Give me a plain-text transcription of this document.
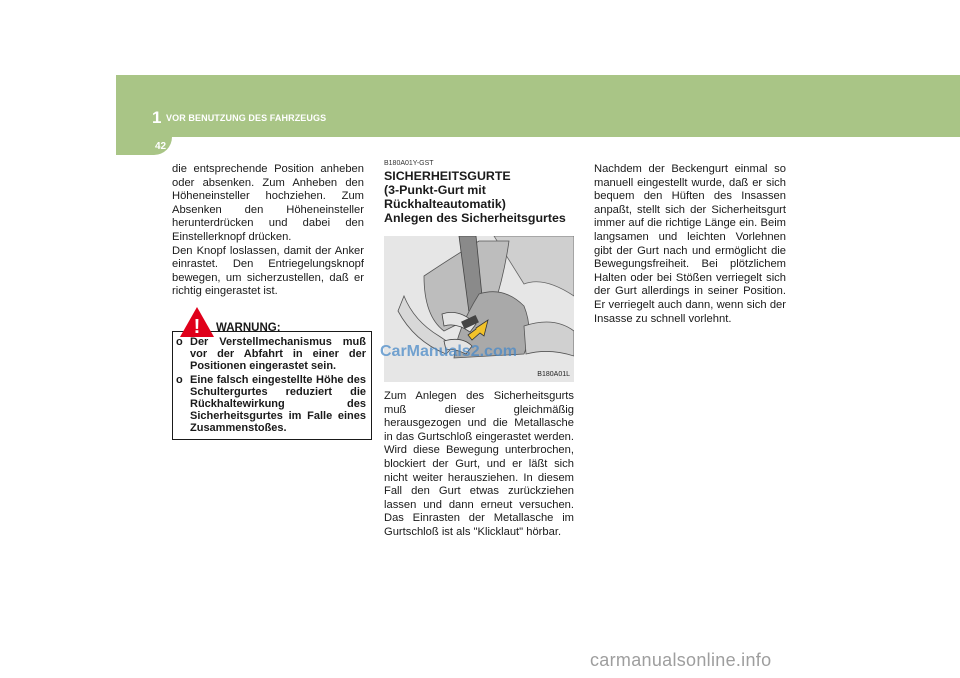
1 VOR BENUTZUNG DES FAHRZEUGS
42

die entsprechende Position anheben oder absenken. Zum Anheben den Höheneinsteller hochziehen. Zum Absenken den Höheneinsteller herunterdrücken und dabei den Einstellerknopf drücken.
Den Knopf loslassen, damit der Anker einrastet. Den Entriegelungsknopf bewegen, um sicherzustellen, daß er richtig eingerastet ist.

! WARNUNG:
o Der Verstellmechanismus muß vor der Abfahrt in einer der Positionen eingerastet sein.
o Eine falsch eingestellte Höhe des Schultergurtes reduziert die Rückhaltewirkung des Sicherheitsgurtes im Falle eines Zusammenstoßes.

B180A01Y-GST

SICHERHEITSGURTE
(3-Punkt-Gurt mit
Rückhalteautomatik)
Anlegen des Sicherheitsgurtes
B180A01L

Zum Anlegen des Sicherheitsgurts muß dieser gleichmäßig herausgezogen und die Metallasche in das Gurtschloß eingerastet werden. Wird diese Bewegung unterbrochen, blockiert der Gurt, und er läßt sich nicht weiter herausziehen. In diesem Fall den Gurt etwas zurückziehen lassen und dann erneut versuchen. Das Einrasten der Metallasche im Gurtschloß ist als "Klicklaut" hörbar.

Nachdem der Beckengurt einmal so manuell eingestellt wurde, daß er sich bequem den Hüften des Insassen anpaßt, stellt sich der Sicherheitsgurt immer auf die richtige Länge ein. Beim langsamen und leichten Vorlehnen gibt der Gurt nach und ermöglicht die Bewegungsfreiheit. Bei plötzlichem Halten oder bei Stößen verriegelt sich der Gurt allerdings in seiner Position. Er verriegelt auch dann, wenn sich der Insasse zu schnell vorlehnt.

CarManuals2.com
carmanualsonline.info
